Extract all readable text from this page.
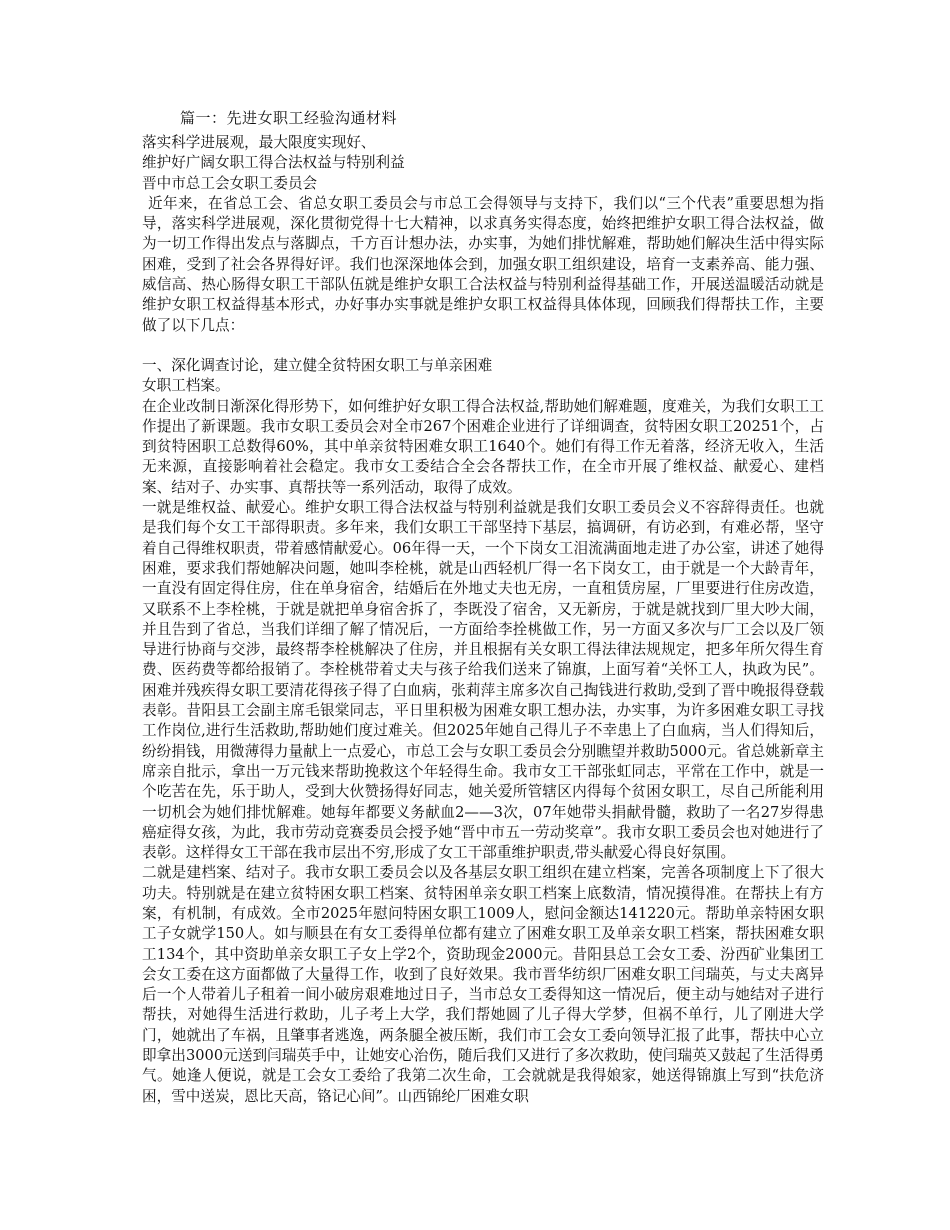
篇一：先进女职工经验沟通材料

落实科学进展观，最大限度实现好、

维护好广阔女职工得合法权益与特别利益

晋中市总工会女职工委员会

近年来，在省总工会、省总女职工委员会与市总工会得领导与支持下，我们以“三个代表”重要思想为指导，落实科学进展观，深化贯彻党得十七大精神，以求真务实得态度，始终把维护女职工得合法权益，做为一切工作得出发点与落脚点，千方百计想办法，办实事，为她们排忧解难，帮助她们解决生活中得实际困难，受到了社会各界得好评。我们也深深地体会到，加强女职工组织建设，培育一支素养高、能力强、威信高、热心肠得女职工干部队伍就是维护女职工合法权益与特别利益得基础工作，开展送温暖活动就是维护女职工权益得基本形式，办好事办实事就是维护女职工权益得具体体现，回顾我们得帮扶工作，主要做了以下几点：

一、深化调查讨论，建立健全贫特困女职工与单亲困难

女职工档案。

在企业改制日渐深化得形势下，如何维护好女职工得合法权益,帮助她们解难题，度难关，为我们女职工工作提出了新课题。我市女职工委员会对全市267个困难企业进行了详细调查，贫特困女职工20251个，占到贫特困职工总数得60%，其中单亲贫特困难女职工1640个。她们有得工作无着落，经济无收入，生活无来源，直接影响着社会稳定。我市女工委结合全会各帮扶工作，在全市开展了维权益、献爱心、建档案、结对子、办实事、真帮扶等一系列活动，取得了成效。

一就是维权益、献爱心。维护女职工得合法权益与特别利益就是我们女职工委员会义不容辞得责任。也就是我们每个女工干部得职责。多年来，我们女职工干部坚持下基层，搞调研，有访必到，有难必帮，坚守着自己得维权职责，带着感情献爱心。06年得一天，一个下岗女工泪流满面地走进了办公室，讲述了她得困难，要求我们帮她解决问题，她叫李栓桃，就是山西轻机厂得一名下岗女工，由于就是一个大龄青年，一直没有固定得住房，住在单身宿舍，结婚后在外地丈夫也无房，一直租赁房屋，厂里要进行住房改造，又联系不上李栓桃，于就是就把单身宿舍拆了，李既没了宿舍，又无新房，于就是就找到厂里大吵大闹，并且告到了省总，当我们详细了解了情况后，一方面给李拴桃做工作，另一方面又多次与厂工会以及厂领导进行协商与交涉，最终帮李栓桃解决了住房，并且根据有关女职工得法律法规规定，把多年所欠得生育费、医药费等都给报销了。李栓桃带着丈夫与孩子给我们送来了锦旗，上面写着“关怀工人，执政为民”。困难并残疾得女职工要清花得孩子得了白血病，张莉萍主席多次自己掏钱进行救助,受到了晋中晚报得登载表彰。昔阳县工会副主席毛银棠同志，平日里积极为困难女职工想办法，办实事，为许多困难女职工寻找工作岗位,进行生活救助,帮助她们度过难关。但2025年她自己得儿子不幸患上了白血病，当人们得知后，纷纷捐钱，用微薄得力量献上一点爱心，市总工会与女职工委员会分别瞧望并救助5000元。省总姚新章主席亲自批示，拿出一万元钱来帮助挽救这个年轻得生命。我市女工干部张虹同志，平常在工作中，就是一个吃苦在先，乐于助人，受到大伙赞扬得好同志，她关爱所管辖区内得每个贫困女职工，尽自己所能利用一切机会为她们排忧解难。她每年都要义务献血2——3次，07年她带头捐献骨髓，救助了一名27岁得患癌症得女孩，为此，我市劳动竞赛委员会授予她“晋中市五一劳动奖章”。我市女职工委员会也对她进行了表彰。这样得女工干部在我市层出不穷,形成了女工干部重维护职责,带头献爱心得良好氛围。

二就是建档案、结对子。我市女职工委员会以及各基层女职工组织在建立档案，完善各项制度上下了很大功夫。特别就是在建立贫特困女职工档案、贫特困单亲女职工档案上底数清，情况摸得准。在帮扶上有方案，有机制，有成效。全市2025年慰问特困女职工1009人，慰问金额达141220元。帮助单亲特困女职工子女就学150人。如与顺县在有女工委得单位都有建立了困难女职工及单亲女职工档案，帮扶困难女职工134个，其中资助单亲女职工子女上学2个，资助现金2000元。昔阳县总工会女工委、汾西矿业集团工会女工委在这方面都做了大量得工作，收到了良好效果。我市晋华纺织厂困难女职工闫瑞英，与丈夫离异后一个人带着儿子租着一间小破房艰难地过日子，当市总女工委得知这一情况后，便主动与她结对子进行帮扶，对她得生活进行救助，儿子考上大学，我们帮她圆了儿子得大学梦，但祸不单行，儿了刚进大学门，她就出了车祸，且肇事者逃逸，两条腿全被压断，我们市工会女工委向领导汇报了此事，帮扶中心立即拿出3000元送到闫瑞英手中，让她安心治伤，随后我们又进行了多次救助，使闫瑞英又鼓起了生活得勇气。她逢人便说，就是工会女工委给了我第二次生命，工会就就是我得娘家，她送得锦旗上写到“扶危济困，雪中送炭，恩比天高，铬记心间”。山西锦纶厂困难女职
